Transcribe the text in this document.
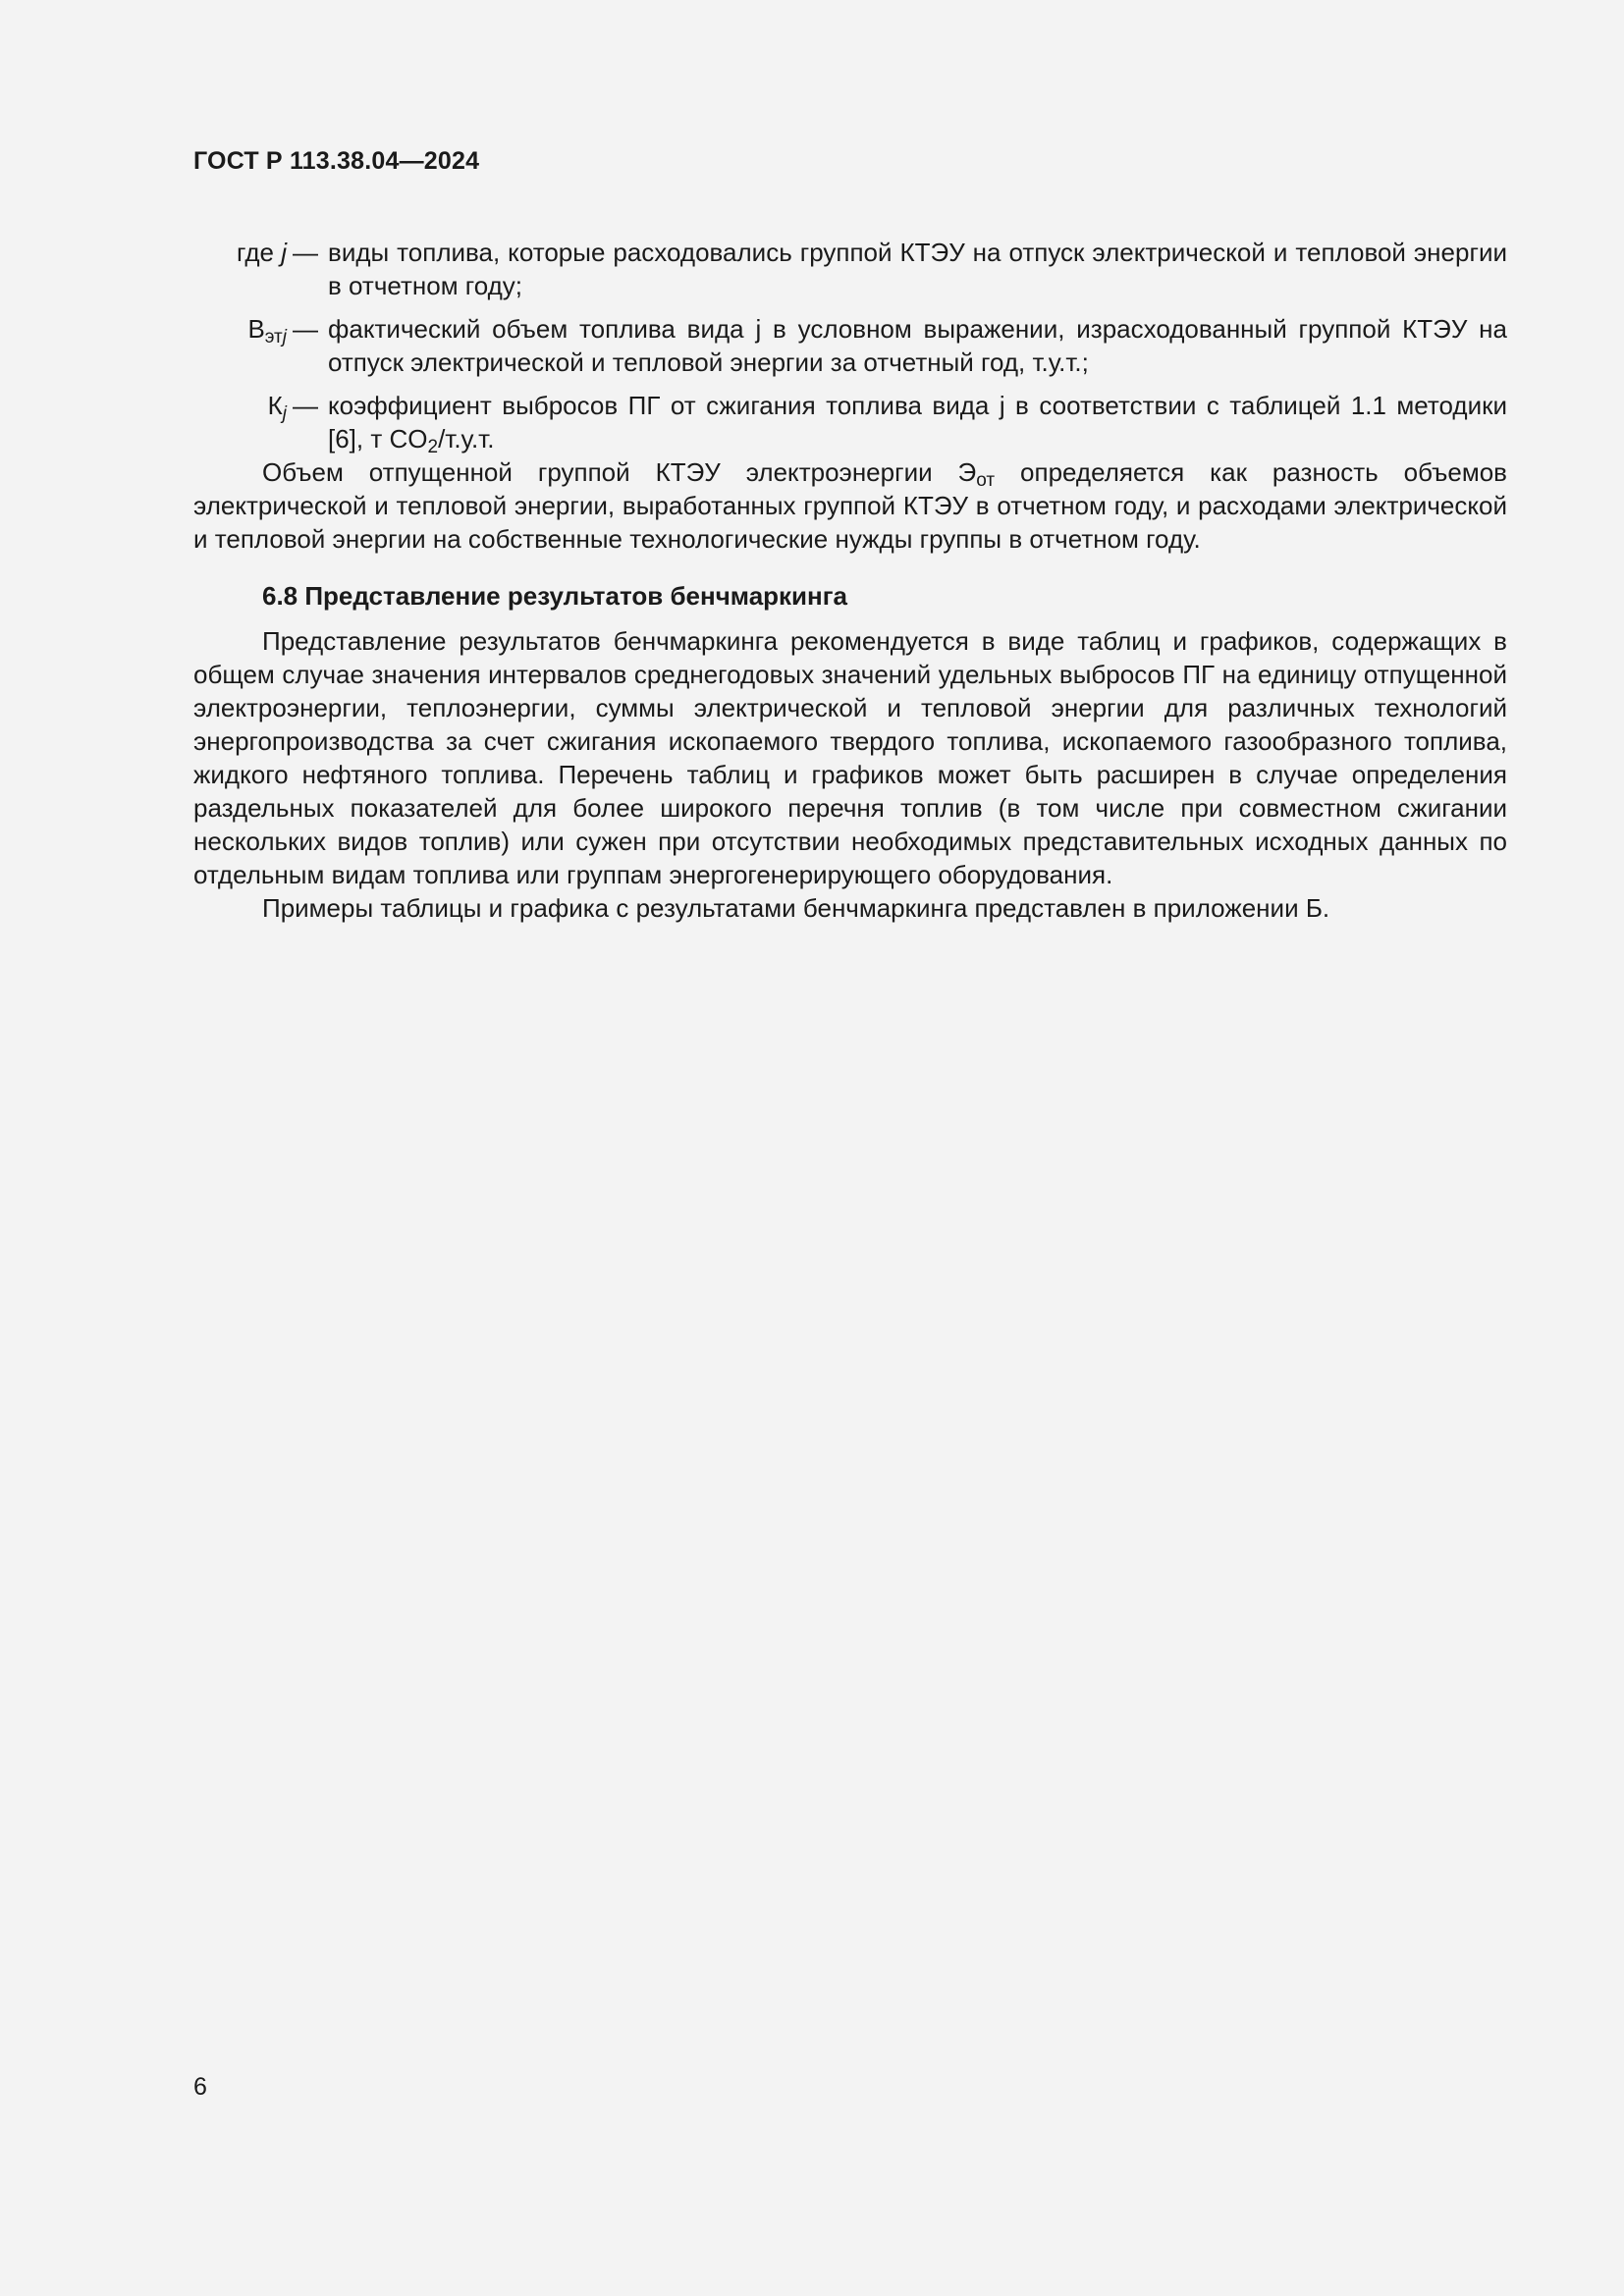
ГОСТ Р 113.38.04—2024
где j — виды топлива, которые расходовались группой КТЭУ на отпуск электрической и тепловой энергии в отчетном году;
$В_{этj}$ — фактический объем топлива вида j в условном выражении, израсходованный группой КТЭУ на отпуск электрической и тепловой энергии за отчетный год, т.у.т.;
$К_j$ — коэффициент выбросов ПГ от сжигания топлива вида j в соответствии с таблицей 1.1 методики [6], т $CO_2/т.у.т$.

Объем отпущенной группой КТЭУ электроэнергии $Э_{от}$ определяется как разность объемов электрической и тепловой энергии, выработанных группой КТЭУ в отчетном году, и расходами электрической и тепловой энергии на собственные технологические нужды группы в отчетном году.

6.8 Представление результатов бенчмаркинга

Представление результатов бенчмаркинга рекомендуется в виде таблиц и графиков, содержащих в общем случае значения интервалов среднегодовых значений удельных выбросов ПГ на единицу отпущенной электроэнергии, теплоэнергии, суммы электрической и тепловой энергии для различных технологий энергопроизводства за счет сжигания ископаемого твердого топлива, ископаемого газообразного топлива, жидкого нефтяного топлива. Перечень таблиц и графиков может быть расширен в случае определения раздельных показателей для более широкого перечня топлив (в том числе при совместном сжигании нескольких видов топлив) или сужен при отсутствии необходимых представительных исходных данных по отдельным видам топлива или группам энергогенерирующего оборудования.

Примеры таблицы и графика с результатами бенчмаркинга представлен в приложении Б.

6
